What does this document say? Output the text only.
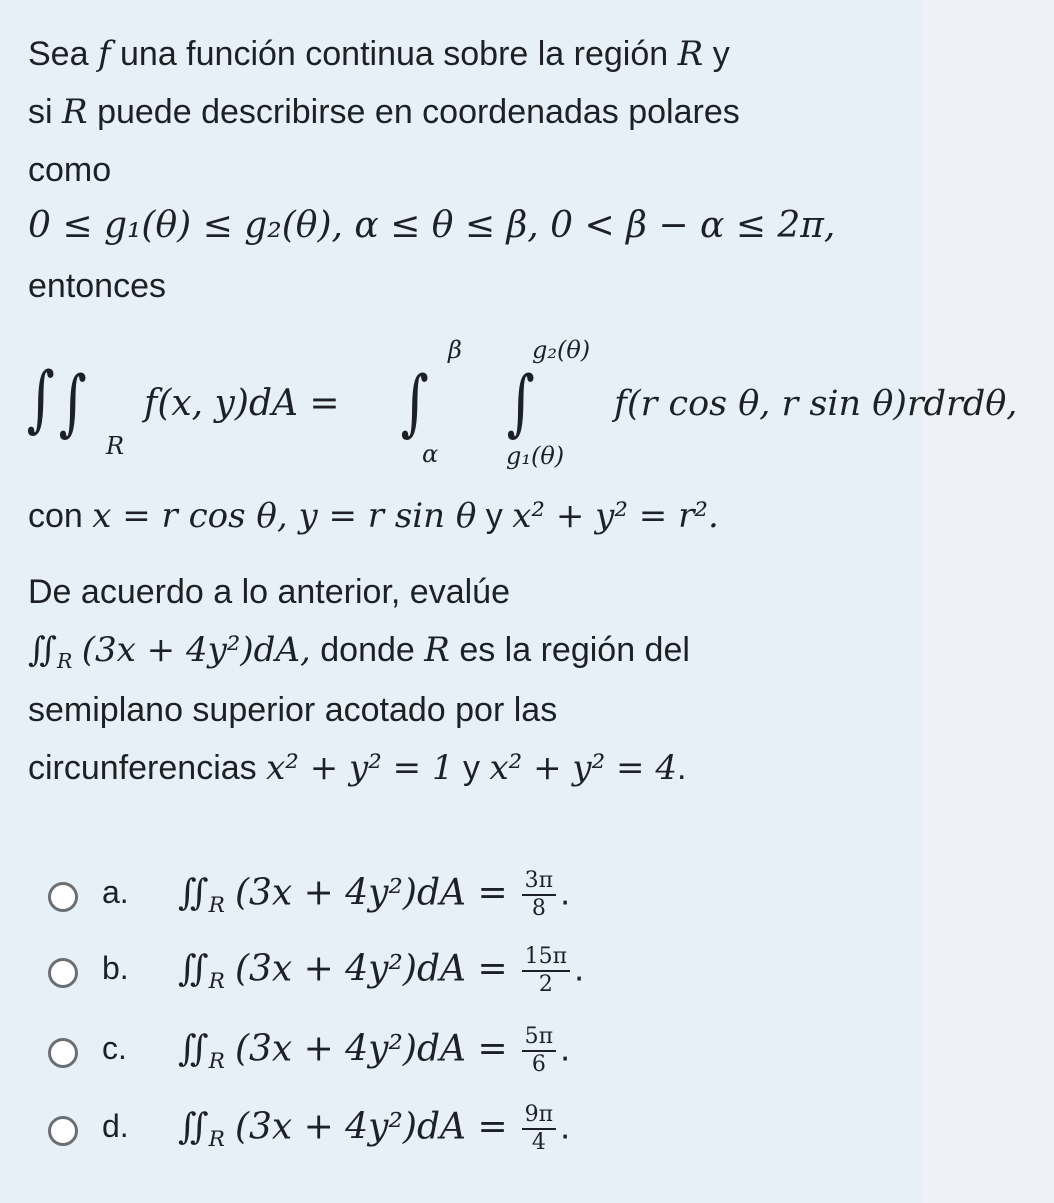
Sea f una función continua sobre la región R y
si R puede describirse en coordenadas polares
como
0 ≤ g₁(θ) ≤ g₂(θ), α ≤ θ ≤ β, 0 < β − α ≤ 2π,
entonces
∫ ∫
R
f(x, y)dA = ∫
β
α
∫
g₂(θ)
g₁(θ)
f(r cos θ, r sin θ)rdrdθ,
con x = r cos θ, y = r sin θ y x² + y² = r².
De acuerdo a lo anterior, evalúe
$∬_R$ (3x + 4y²)dA, donde R es la región del
semiplano superior acotado por las
circunferencias x² + y² = 1 y x² + y² = 4.
a. $∬_R$ $(3x + 4y^2)dA = \frac{3\pi}{8}$ .
b. $∬_R$ $(3x + 4y^2)dA = \frac{15\pi}{2}$ .
c. $∬_R$ $(3x + 4y^2)dA = \frac{5\pi}{6}$ .
d. $∬_R$ $(3x + 4y^2)dA = \frac{9\pi}{4}$ .
